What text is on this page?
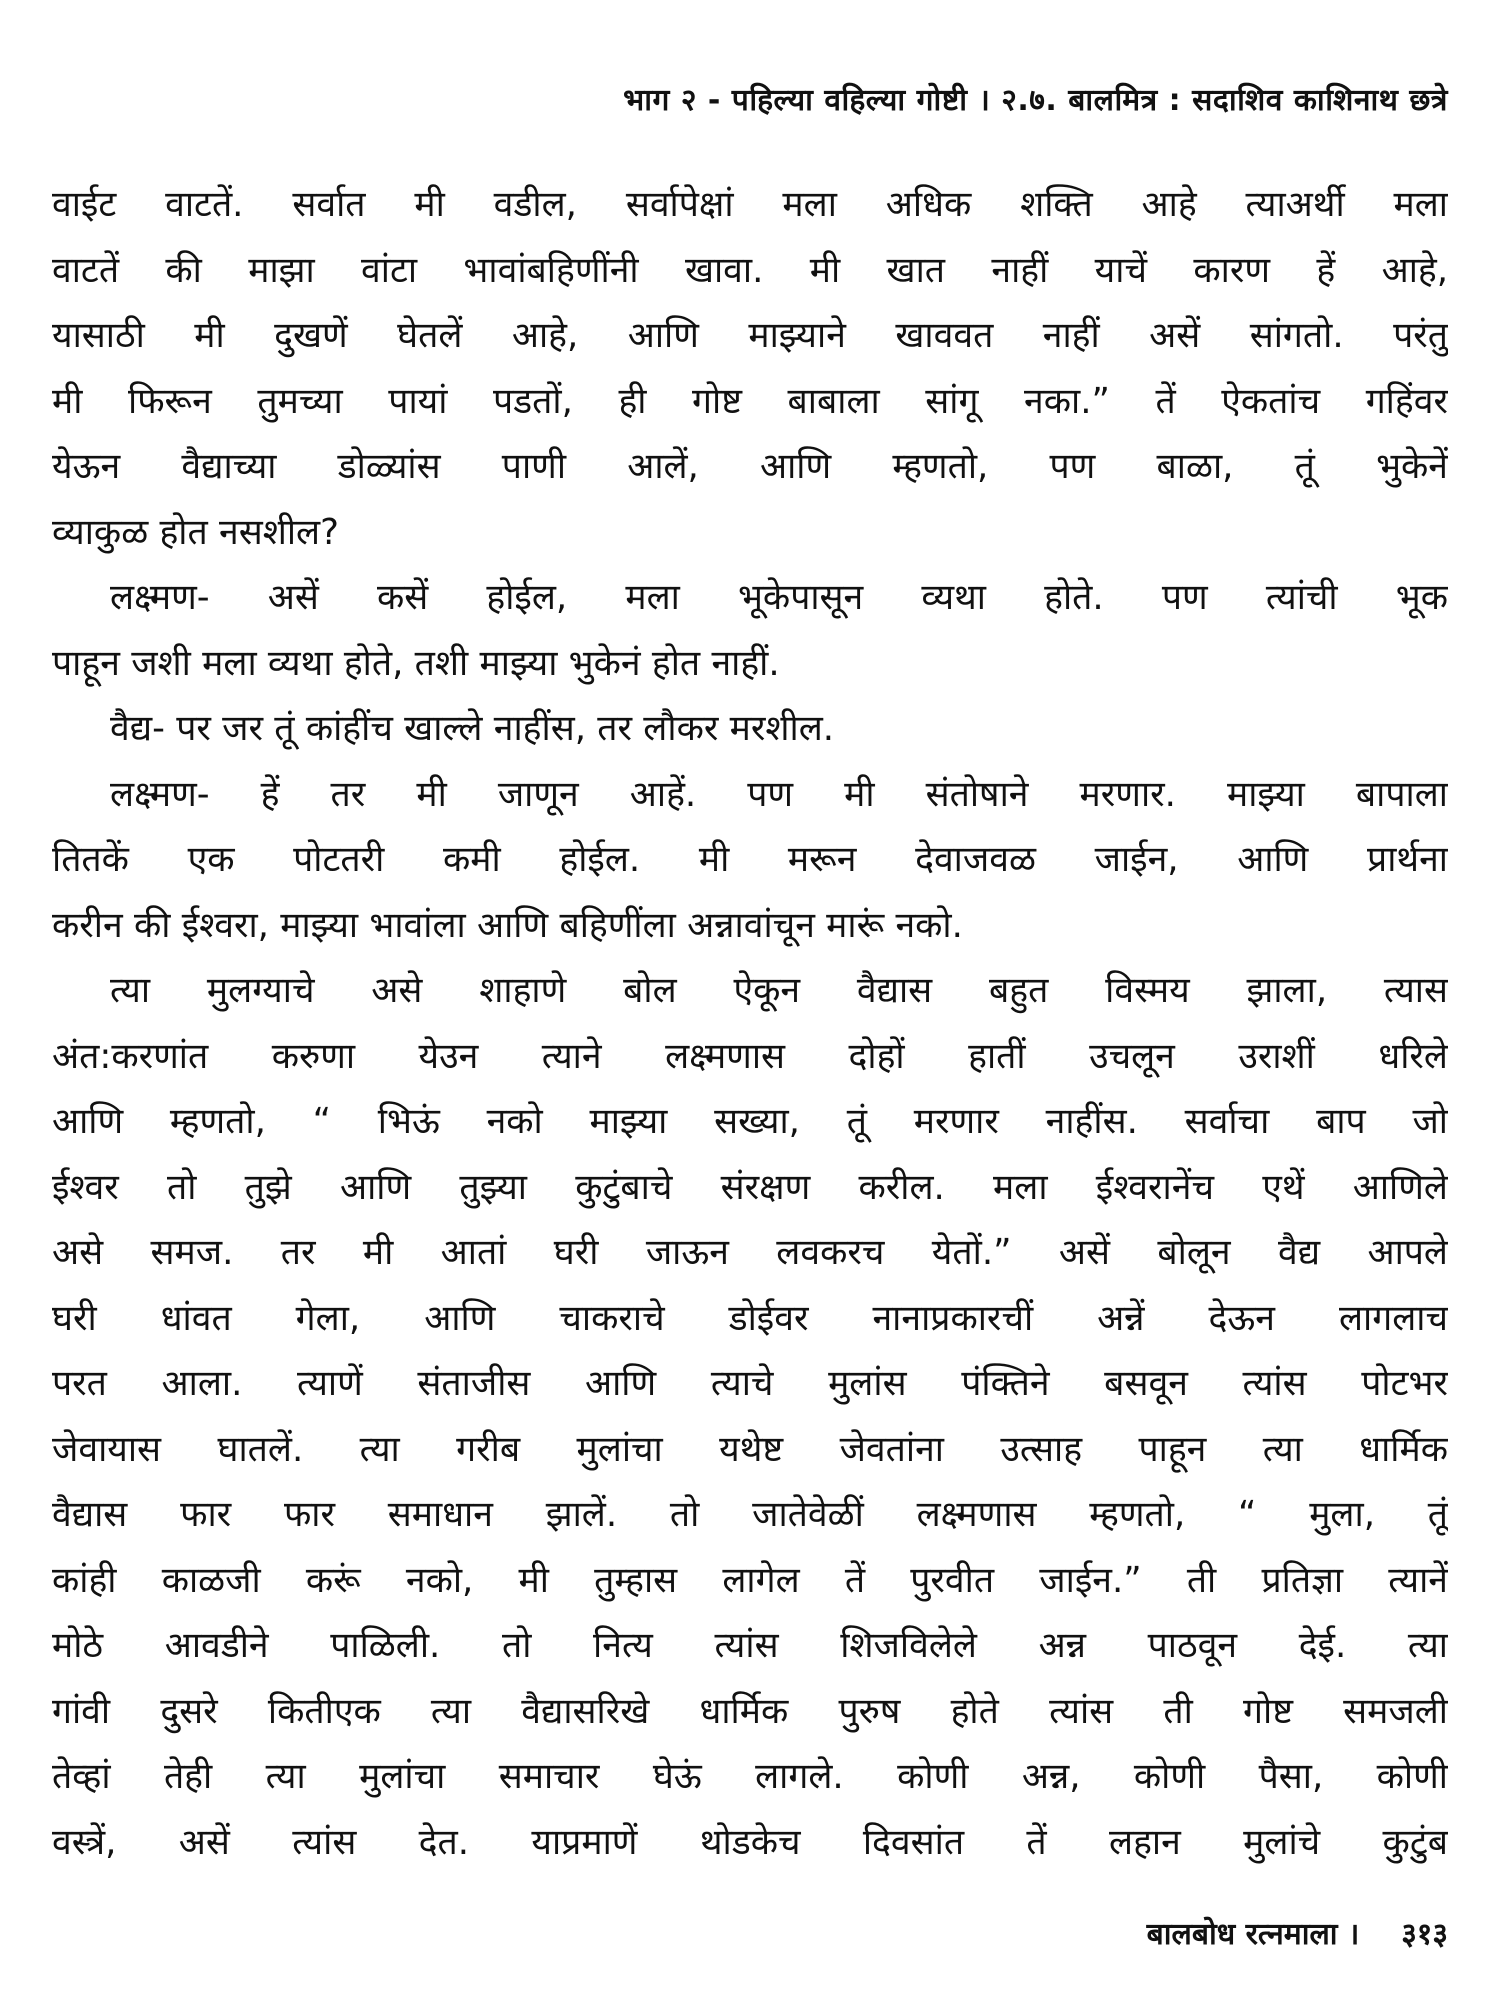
भाग २ - पहिल्या वहिल्या गोष्टी । २.७. बालमित्र : सदाशिव काशिनाथ छत्रे
वाईट वाटतें. सर्वात मी वडील, सर्वापेक्षां मला अधिक शक्ति आहे त्याअर्थी मला
वाटतें की माझा वांटा भावांबहिणींनी खावा. मी खात नाहीं याचें कारण हें आहे,
यासाठी मी दुखणें घेतलें आहे, आणि माझ्याने खाववत नाहीं असें सांगतो. परंतु
मी फिरून तुमच्या पायां पडतों, ही गोष्ट बाबाला सांगू नका.” तें ऐकतांच गहिंवर
येऊन वैद्याच्या डोळ्यांस पाणी आलें, आणि म्हणतो, पण बाळा, तूं भुकेनें
व्याकुळ होत नसशील?
लक्ष्मण- असें कसें होईल, मला भूकेपासून व्यथा होते. पण त्यांची भूक
पाहून जशी मला व्यथा होते, तशी माझ्या भुकेनं होत नाहीं.
वैद्य- पर जर तूं कांहींच खाल्ले नाहींस, तर लौकर मरशील.
लक्ष्मण- हें तर मी जाणून आहें. पण मी संतोषाने मरणार. माझ्या बापाला
तितकें एक पोटतरी कमी होईल. मी मरून देवाजवळ जाईन, आणि प्रार्थना
करीन की ईश्वरा, माझ्या भावांला आणि बहिणींला अन्नावांचून मारूं नको.
त्या मुलग्याचे असे शाहाणे बोल ऐकून वैद्यास बहुत विस्मय झाला, त्यास
अंत:करणांत करुणा येउन त्याने लक्ष्मणास दोहों हातीं उचलून उराशीं धरिले
आणि म्हणतो, “ भिऊं नको माझ्या सख्या, तूं मरणार नाहींस. सर्वाचा बाप जो
ईश्वर तो तुझे आणि तुझ्या कुटुंबाचे संरक्षण करील. मला ईश्वरानेंच एथें आणिले
असे समज. तर मी आतां घरी जाऊन लवकरच येतों.” असें बोलून वैद्य आपले
घरी धांवत गेला, आणि चाकराचे डोईवर नानाप्रकारचीं अन्नें देऊन लागलाच
परत आला. त्याणें संताजीस आणि त्याचे मुलांस पंक्तिने बसवून त्यांस पोटभर
जेवायास घातलें. त्या गरीब मुलांचा यथेष्ट जेवतांना उत्साह पाहून त्या धार्मिक
वैद्यास फार फार समाधान झालें. तो जातेवेळीं लक्ष्मणास म्हणतो, “ मुला, तूं
कांही काळजी करूं नको, मी तुम्हास लागेल तें पुरवीत जाईन.” ती प्रतिज्ञा त्यानें
मोठे आवडीने पाळिली. तो नित्य त्यांस शिजविलेले अन्न पाठवून देई. त्या
गांवी दुसरे कितीएक त्या वैद्यासरिखे धार्मिक पुरुष होते त्यांस ती गोष्ट समजली
तेव्हां तेही त्या मुलांचा समाचार घेऊं लागले. कोणी अन्न, कोणी पैसा, कोणी
वस्त्रें, असें त्यांस देत. याप्रमाणें थोडकेच दिवसांत तें लहान मुलांचे कुटुंब
बालबोध रत्नमाला । ३१३
